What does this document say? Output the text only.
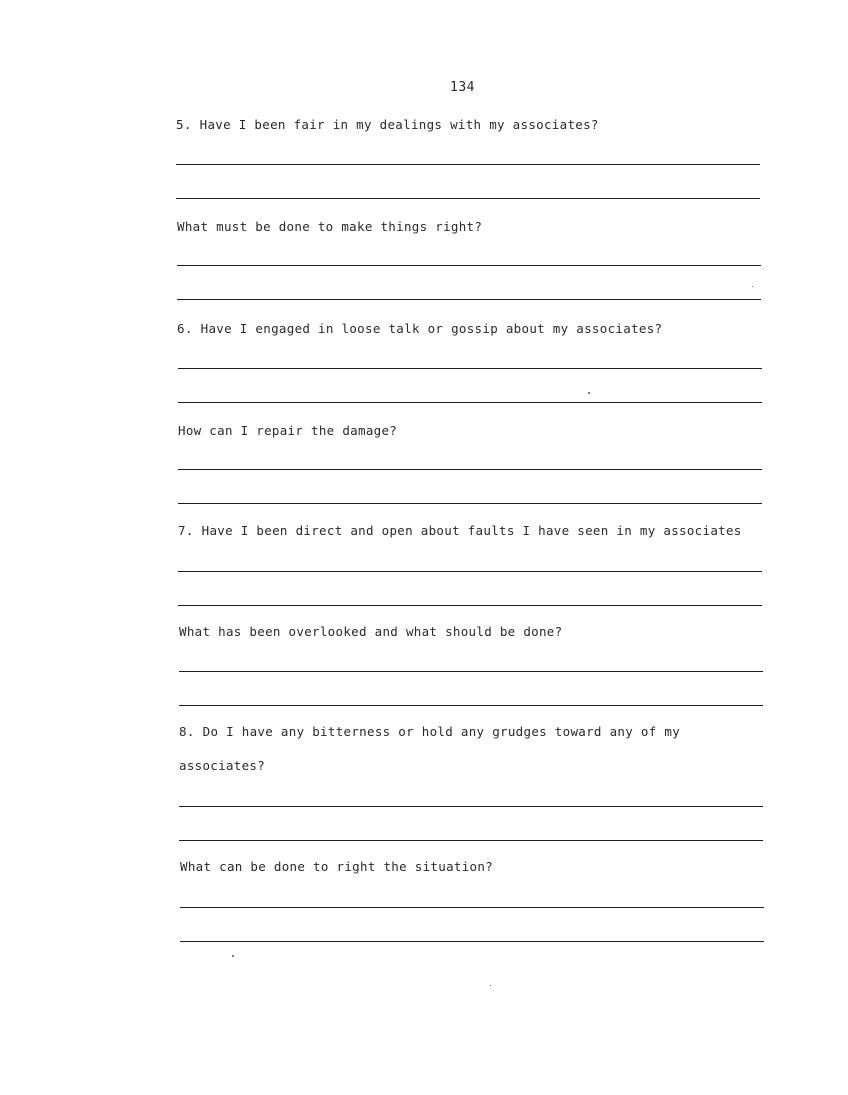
134
5. Have I been fair in my dealings with my associates?
What must be done to make things right?
6. Have I engaged in loose talk or gossip about my associates?
How can I repair the damage?
7. Have I been direct and open about faults I have seen in my associates
What has been overlooked and what should be done?
8. Do I have any bitterness or hold any grudges toward any of my
associates?
What can be done to right the situation?
